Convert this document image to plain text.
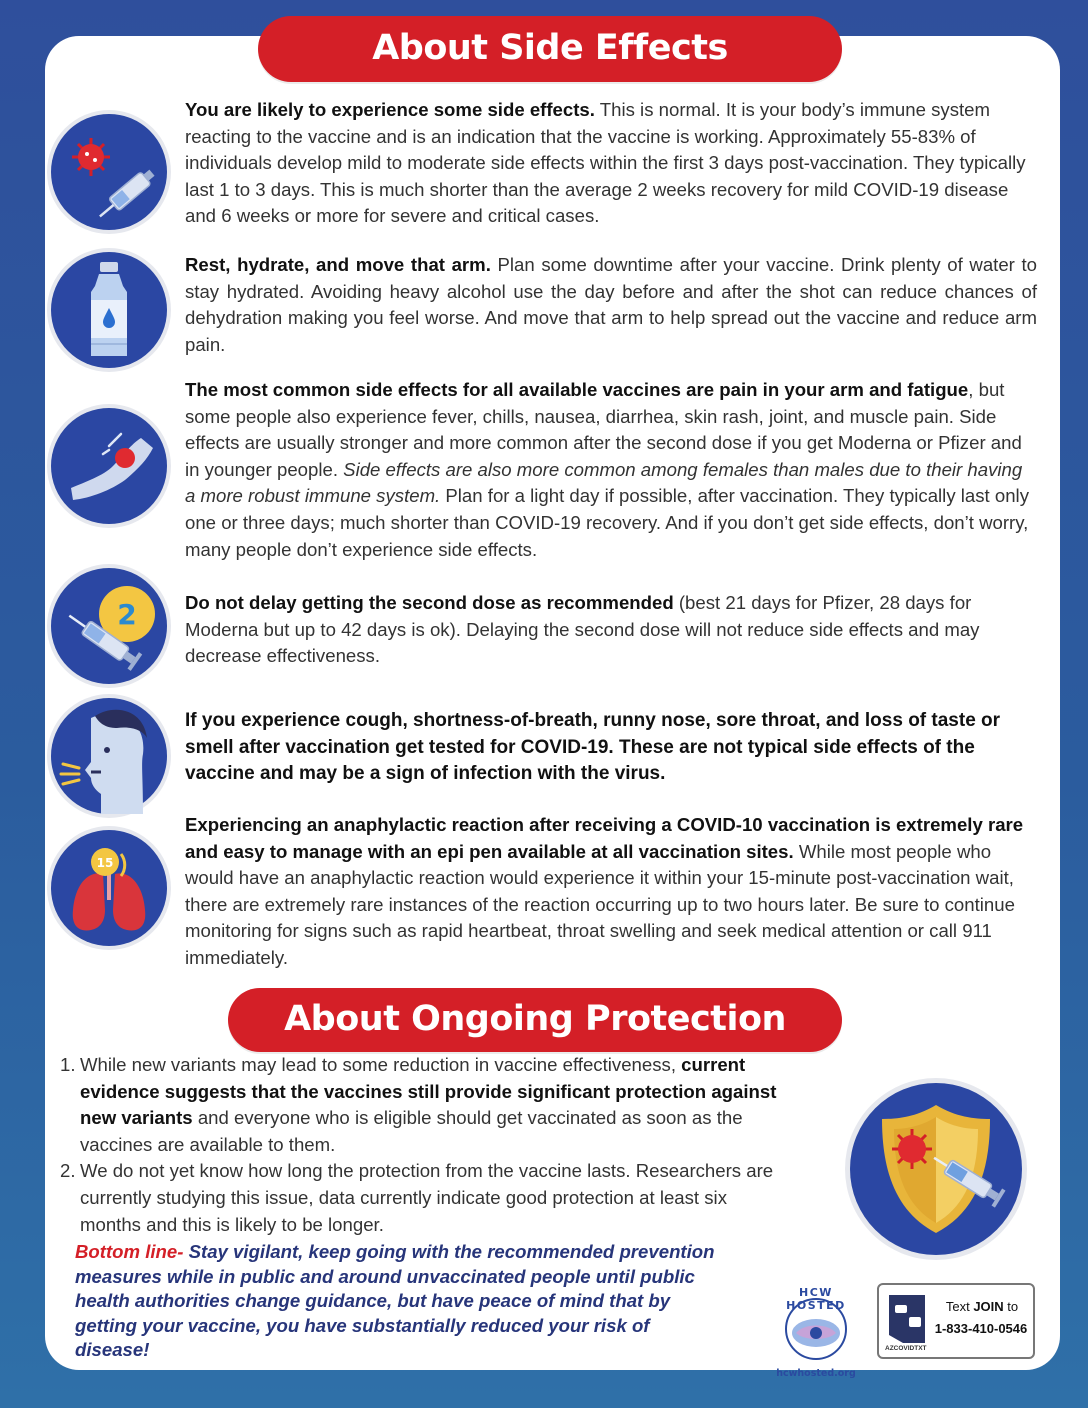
About Side Effects
2
15
You are likely to experience some side effects. This is normal. It is your body’s immune system reacting to the vaccine and is an indication that the vaccine is working. Approximately 55-83% of individuals develop mild to moderate side effects within the first 3 days post-vaccination. They typically last 1 to 3 days. This is much shorter than the average 2 weeks recovery for mild COVID-19 disease and 6 weeks or more for severe and critical cases.
Rest, hydrate, and move that arm. Plan some downtime after your vaccine. Drink plenty of water to stay hydrated. Avoiding heavy alcohol use the day before and after the shot can reduce chances of dehydration making you feel worse. And move that arm to help spread out the vaccine and reduce arm pain.
The most common side effects for all available vaccines are pain in your arm and fatigue, but some people also experience fever, chills, nausea, diarrhea, skin rash, joint, and muscle pain. Side effects are usually stronger and more common after the second dose if you get Moderna or Pfizer and in younger people. Side effects are also more common among females than males due to their having a more robust immune system. Plan for a light day if possible, after vaccination. They typically last only one or three days; much shorter than COVID-19 recovery. And if you don’t get side effects, don’t worry, many people don’t experience side effects.
Do not delay getting the second dose as recommended (best 21 days for Pfizer, 28 days for Moderna but up to 42 days is ok). Delaying the second dose will not reduce side effects and may decrease effectiveness.
If you experience cough, shortness-of-breath, runny nose, sore throat, and loss of taste or smell after vaccination get tested for COVID-19. These are not typical side effects of the vaccine and may be a sign of infection with the virus.
Experiencing an anaphylactic reaction after receiving a COVID-10 vaccination is extremely rare and easy to manage with an epi pen available at all vaccination sites. While most people who would have an anaphylactic reaction would experience it within your 15-minute post-vaccination wait, there are extremely rare instances of the reaction occurring up to two hours later. Be sure to continue monitoring for signs such as rapid heartbeat, throat swelling and seek medical attention or call 911 immediately.
About Ongoing Protection
1. While new variants may lead to some reduction in vaccine effectiveness, current evidence suggests that the vaccines still provide significant protection against new variants and everyone who is eligible should get vaccinated as soon as the vaccines are available to them.
2. We do not yet know how long the protection from the vaccine lasts. Researchers are currently studying this issue, data currently indicate good protection at least six months and this is likely to be longer.
Bottom line- Stay vigilant, keep going with the recommended prevention measures while in public and around unvaccinated people until public health authorities change guidance, but have peace of mind that by getting your vaccine, you have substantially reduced your risk of disease!
HCW HOSTED
hcwhosted.org
Text JOIN to
1-833-410-0546
AZCOVIDTXT
